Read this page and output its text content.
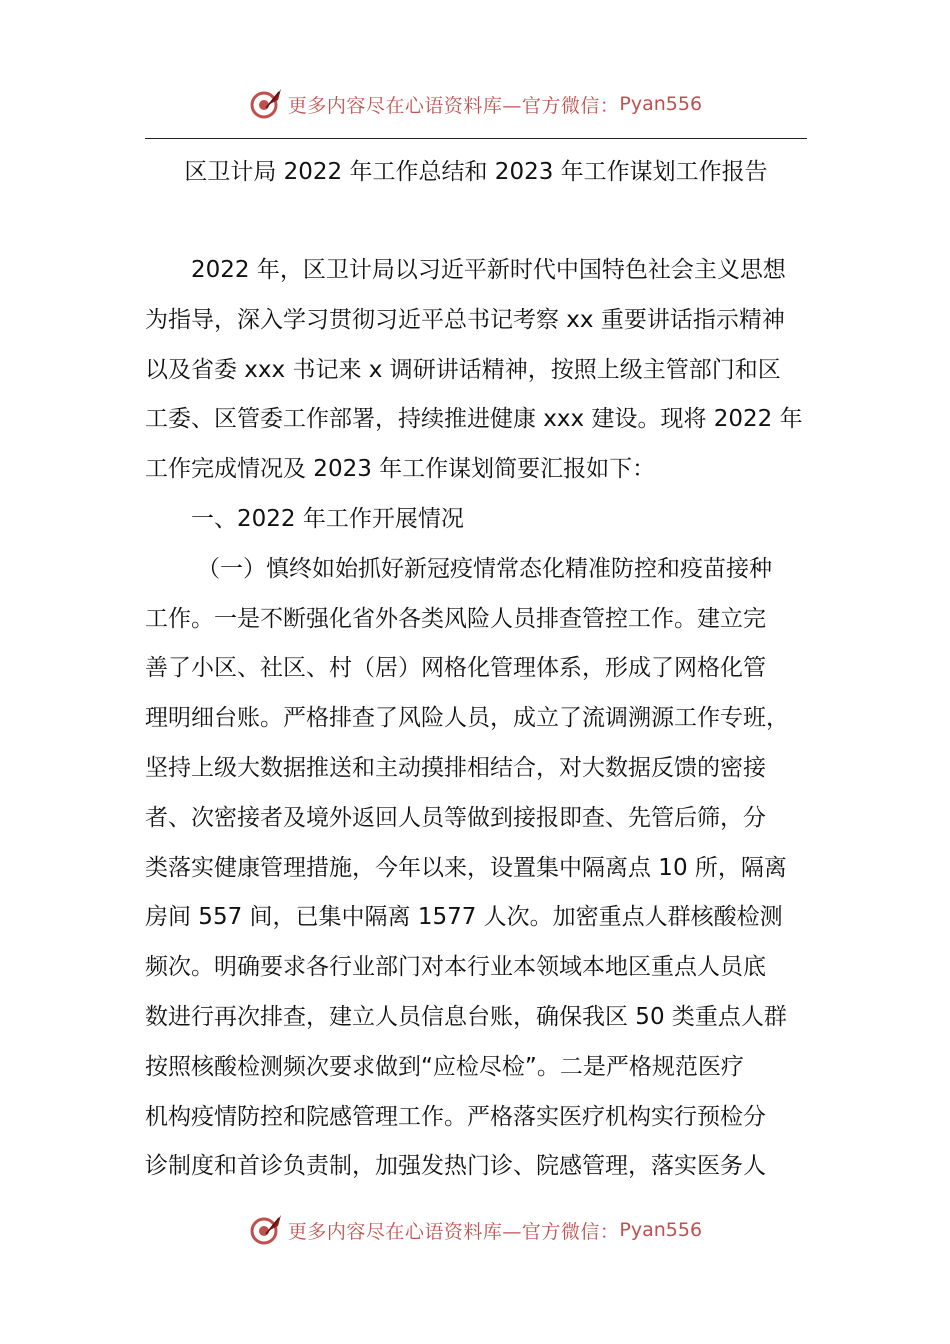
更多内容尽在心语资料库—官方微信： Pyan556
区卫计局 2022 年工作总结和 2023 年工作谋划工作报告
2022 年，区卫计局以习近平新时代中国特色社会主义思想
为指导，深入学习贯彻习近平总书记考察 xx 重要讲话指示精神
以及省委 xxx 书记来 x 调研讲话精神，按照上级主管部门和区
工委、区管委工作部署，持续推进健康 xxx 建设。现将 2022 年
工作完成情况及 2023 年工作谋划简要汇报如下：
一、2022 年工作开展情况
（一）慎终如始抓好新冠疫情常态化精准防控和疫苗接种
工作。一是不断强化省外各类风险人员排查管控工作。建立完
善了小区、社区、村（居）网格化管理体系，形成了网格化管
理明细台账。严格排查了风险人员，成立了流调溯源工作专班，
坚持上级大数据推送和主动摸排相结合，对大数据反馈的密接
者、次密接者及境外返回人员等做到接报即查、先管后筛，分
类落实健康管理措施，今年以来，设置集中隔离点 10 所，隔离
房间 557 间，已集中隔离 1577 人次。加密重点人群核酸检测
频次。明确要求各行业部门对本行业本领域本地区重点人员底
数进行再次排查，建立人员信息台账，确保我区 50 类重点人群
按照核酸检测频次要求做到“应检尽检”。二是严格规范医疗
机构疫情防控和院感管理工作。严格落实医疗机构实行预检分
诊制度和首诊负责制，加强发热门诊、院感管理，落实医务人
更多内容尽在心语资料库—官方微信： Pyan556
